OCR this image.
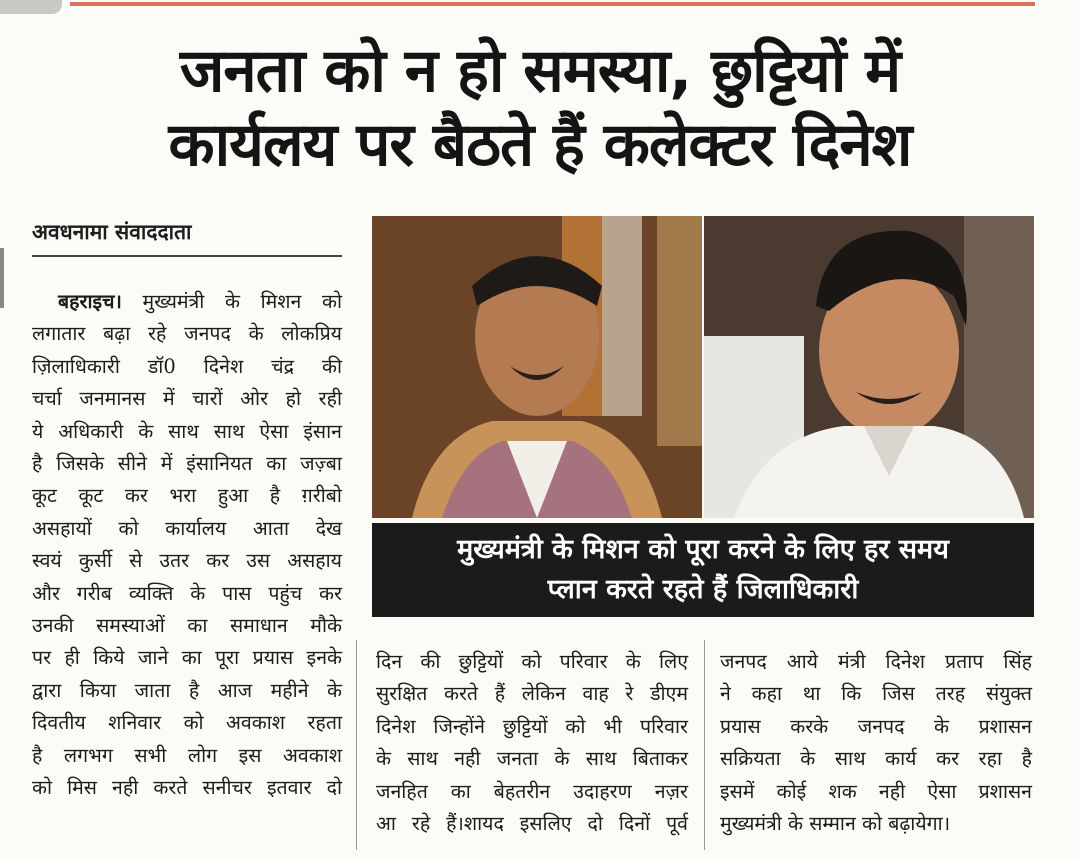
जनता को न हो समस्या, छुट्टियों में
कार्यलय पर बैठते हैं कलेक्टर दिनेश
अवधनामा संवाददाता
बहराइच। मुख्यमंत्री के मिशन को
लगातार बढ़ा रहे जनपद के लोकप्रिय
ज़िलाधिकारी डॉ0 दिनेश चंद्र की
चर्चा जनमानस में चारों ओर हो रही
ये अधिकारी के साथ साथ ऐसा इंसान
है जिसके सीने में इंसानियत का जज़्बा
कूट कूट कर भरा हुआ है ग़रीबो
असहायों को कार्यालय आता देख
स्वयं कुर्सी से उतर कर उस असहाय
और गरीब व्यक्ति के पास पहुंच कर
उनकी समस्याओं का समाधान मौके
पर ही किये जाने का पूरा प्रयास इनके
द्वारा किया जाता है आज महीने के
दिवतीय शनिवार को अवकाश रहता
है लगभग सभी लोग इस अवकाश
को मिस नही करते सनीचर इतवार दो
मुख्यमंत्री के मिशन को पूरा करने के लिए हर समय
प्लान करते रहते हैं जिलाधिकारी
दिन की छुट्टियों को परिवार के लिए
सुरक्षित करते हैं लेकिन वाह रे डीएम
दिनेश जिन्होंने छुट्टियों को भी परिवार
के साथ नही जनता के साथ बिताकर
जनहित का बेहतरीन उदाहरण नज़र
आ रहे हैं।शायद इसलिए दो दिनों पूर्व
जनपद आये मंत्री दिनेश प्रताप सिंह
ने कहा था कि जिस तरह संयुक्त
प्रयास करके जनपद के प्रशासन
सक्रियता के साथ कार्य कर रहा है
इसमें कोई शक नही ऐसा प्रशासन
मुख्यमंत्री के सम्मान को बढ़ायेगा।
